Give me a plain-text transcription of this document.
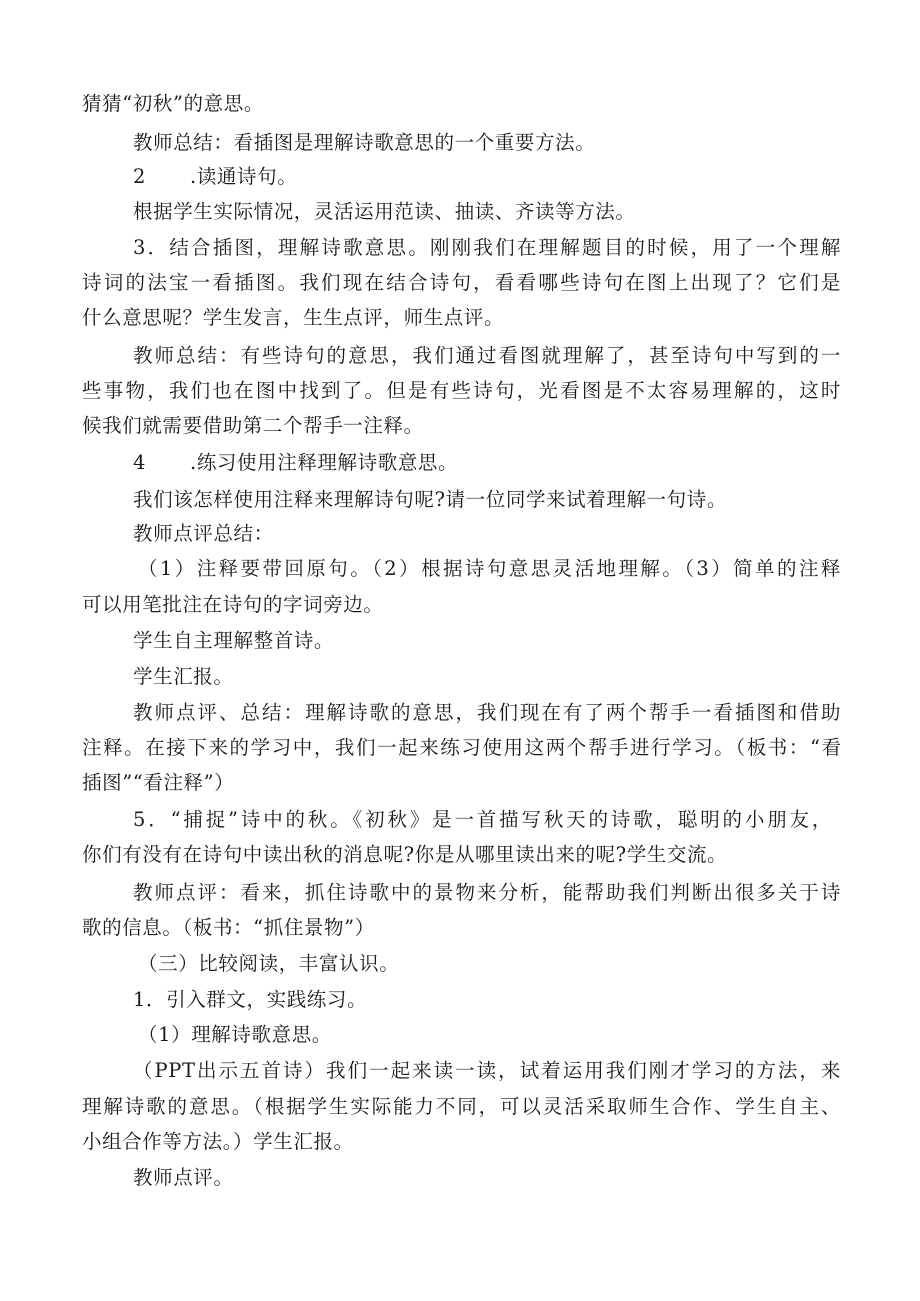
猜猜“初秋”的意思。
教师总结：看插图是理解诗歌意思的一个重要方法。
2 .读通诗句。
根据学生实际情况，灵活运用范读、抽读、齐读等方法。
3．结合插图，理解诗歌意思。刚刚我们在理解题目的时候，用了一个理解
诗词的法宝一看插图。我们现在结合诗句，看看哪些诗句在图上出现了？它们是
什么意思呢？学生发言，生生点评，师生点评。
教师总结：有些诗句的意思，我们通过看图就理解了，甚至诗句中写到的一
些事物，我们也在图中找到了。但是有些诗句，光看图是不太容易理解的，这时
候我们就需要借助第二个帮手一注释。
4 .练习使用注释理解诗歌意思。
我们该怎样使用注释来理解诗句呢?请一位同学来试着理解一句诗。
教师点评总结：
（1）注释要带回原句。（2）根据诗句意思灵活地理解。（3）简单的注释
可以用笔批注在诗句的字词旁边。
学生自主理解整首诗。
学生汇报。
教师点评、总结：理解诗歌的意思，我们现在有了两个帮手一看插图和借助
注释。在接下来的学习中，我们一起来练习使用这两个帮手进行学习。（板书：“看
插图”“看注释”）
5．“捕捉”诗中的秋。《初秋》是一首描写秋天的诗歌，聪明的小朋友，
你们有没有在诗句中读出秋的消息呢?你是从哪里读出来的呢?学生交流。
教师点评：看来，抓住诗歌中的景物来分析，能帮助我们判断出很多关于诗
歌的信息。（板书：“抓住景物”）
（三）比较阅读，丰富认识。
1．引入群文，实践练习。
（1）理解诗歌意思。
（PPT出示五首诗）我们一起来读一读，试着运用我们刚才学习的方法，来
理解诗歌的意思。（根据学生实际能力不同，可以灵活采取师生合作、学生自主、
小组合作等方法。）学生汇报。
教师点评。
